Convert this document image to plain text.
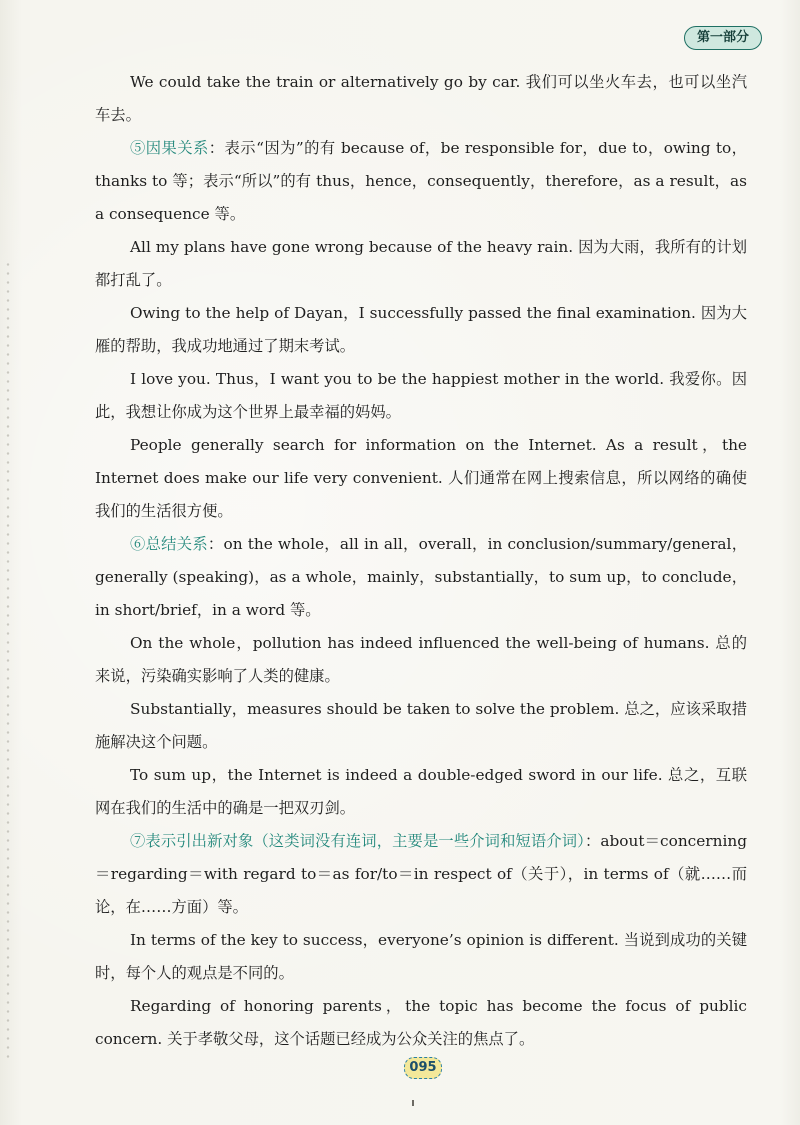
第一部分

We could take the train or alternatively go by car. 我们可以坐火车去，也可以坐汽车去。

⑤因果关系：表示“因为”的有 because of，be responsible for，due to，owing to，thanks to 等；表示“所以”的有 thus，hence，consequently，therefore，as a result，as a consequence 等。

All my plans have gone wrong because of the heavy rain. 因为大雨，我所有的计划都打乱了。

Owing to the help of Dayan，I successfully passed the final examination. 因为大雁的帮助，我成功地通过了期末考试。

I love you. Thus，I want you to be the happiest mother in the world. 我爱你。因此，我想让你成为这个世界上最幸福的妈妈。

People generally search for information on the Internet. As a result，the Internet does make our life very convenient. 人们通常在网上搜索信息，所以网络的确使我们的生活很方便。

⑥总结关系：on the whole，all in all，overall，in conclusion/summary/general，generally (speaking)，as a whole，mainly，substantially，to sum up，to conclude，in short/brief，in a word 等。

On the whole，pollution has indeed influenced the well-being of humans. 总的来说，污染确实影响了人类的健康。

Substantially，measures should be taken to solve the problem. 总之，应该采取措施解决这个问题。

To sum up，the Internet is indeed a double-edged sword in our life. 总之，互联网在我们的生活中的确是一把双刃剑。

⑦表示引出新对象（这类词没有连词，主要是一些介词和短语介词）：about＝concerning＝regarding＝with regard to＝as for/to＝in respect of（关于），in terms of（就……而论，在……方面）等。

In terms of the key to success，everyone’s opinion is different. 当说到成功的关键时，每个人的观点是不同的。

Regarding of honoring parents，the topic has become the focus of public concern. 关于孝敬父母，这个话题已经成为公众关注的焦点了。

095
